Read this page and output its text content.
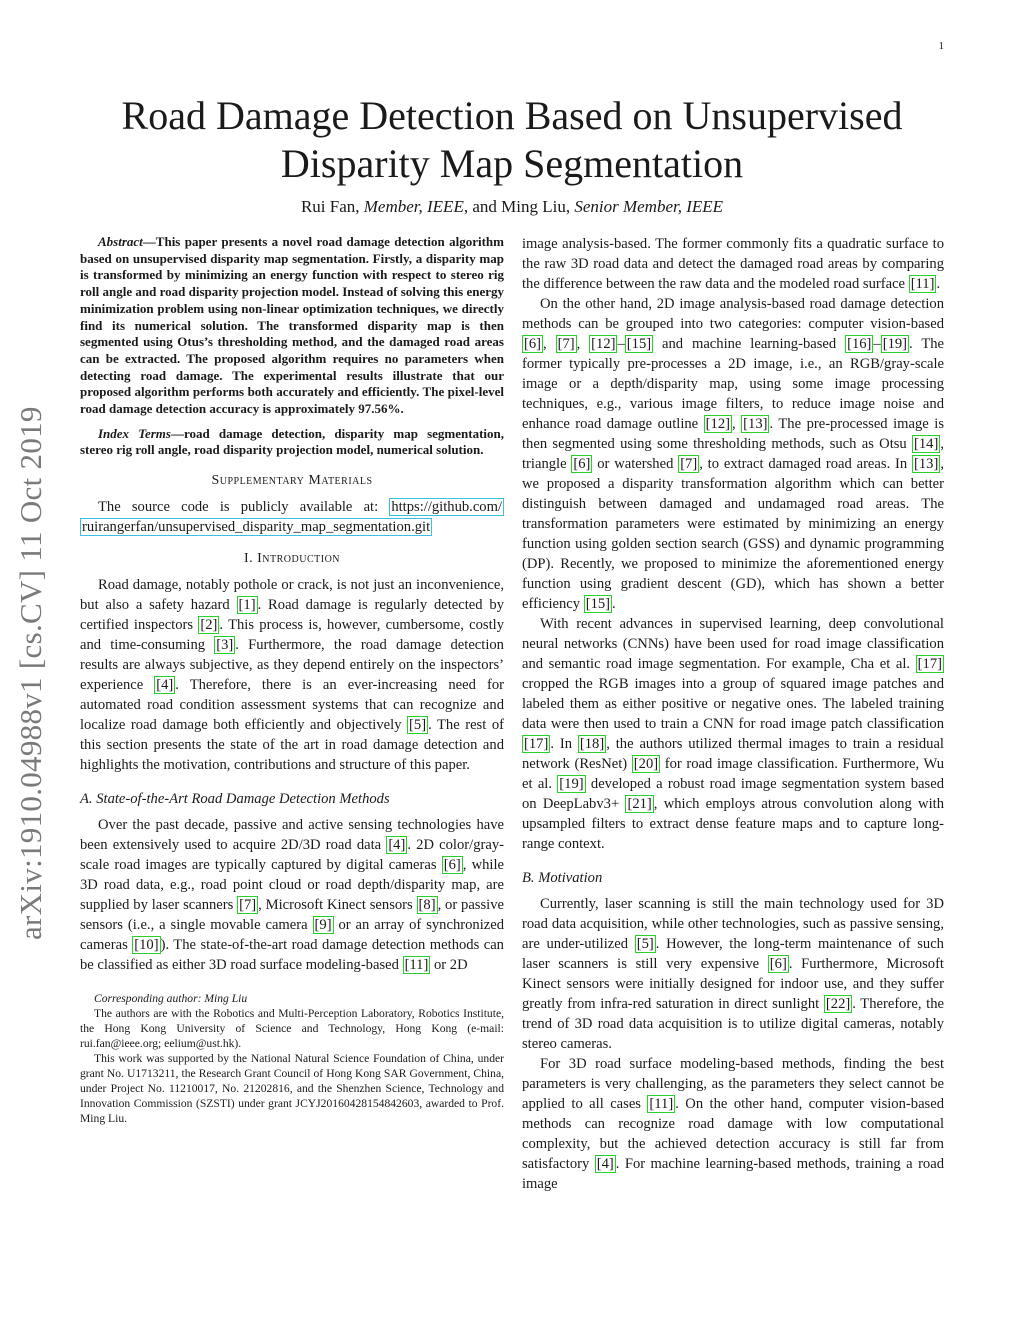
1
arXiv:1910.04988v1 [cs.CV] 11 Oct 2019
Road Damage Detection Based on Unsupervised
Disparity Map Segmentation
Rui Fan, Member, IEEE, and Ming Liu, Senior Member, IEEE

Abstract—This paper presents a novel road damage detection algorithm based on unsupervised disparity map segmentation. Firstly, a disparity map is transformed by minimizing an energy function with respect to stereo rig roll angle and road disparity projection model. Instead of solving this energy minimization problem using non-linear optimization techniques, we directly find its numerical solution. The transformed disparity map is then segmented using Otus’s thresholding method, and the damaged road areas can be extracted. The proposed algorithm requires no parameters when detecting road damage. The experimental results illustrate that our proposed algorithm performs both accurately and efficiently. The pixel-level road damage detection accuracy is approximately 97.56%.

Index Terms—road damage detection, disparity map segmentation, stereo rig roll angle, road disparity projection model, numerical solution.

Supplementary Materials

The source code is publicly available at: https://github.com/ ruirangerfan/unsupervised_disparity_map_segmentation.git

I. Introduction

Road damage, notably pothole or crack, is not just an inconvenience, but also a safety hazard [1] . Road damage is regularly detected by certified inspectors [2] . This process is, however, cumbersome, costly and time-consuming [3] . Furthermore, the road damage detection results are always subjective, as they depend entirely on the inspectors’ experience [4] . Therefore, there is an ever-increasing need for automated road condition assessment systems that can recognize and localize road damage both efficiently and objectively [5] . The rest of this section presents the state of the art in road damage detection and highlights the motivation, contributions and structure of this paper.

A. State-of-the-Art Road Damage Detection Methods

Over the past decade, passive and active sensing technologies have been extensively used to acquire 2D/3D road data [4] . 2D color/gray-scale road images are typically captured by digital cameras [6] , while 3D road data, e.g., road point cloud or road depth/disparity map, are supplied by laser scanners [7] , Microsoft Kinect sensors [8] , or passive sensors (i.e., a single movable camera [9] or an array of synchronized cameras [10] ). The state-of-the-art road damage detection methods can be classified as either 3D road surface modeling-based [11] or 2D

Corresponding author: Ming Liu

The authors are with the Robotics and Multi-Perception Laboratory, Robotics Institute, the Hong Kong University of Science and Technology, Hong Kong (e-mail: rui.fan@ieee.org; eelium@ust.hk).

This work was supported by the National Natural Science Foundation of China, under grant No. U1713211, the Research Grant Council of Hong Kong SAR Government, China, under Project No. 11210017, No. 21202816, and the Shenzhen Science, Technology and Innovation Commission (SZSTI) under grant JCYJ20160428154842603, awarded to Prof. Ming Liu.

image analysis-based. The former commonly fits a quadratic surface to the raw 3D road data and detect the damaged road areas by comparing the difference between the raw data and the modeled road surface [11] .

On the other hand, 2D image analysis-based road damage detection methods can be grouped into two categories: computer vision-based [6] , [7] , [12] – [15] and machine learning-based [16] – [19] . The former typically pre-processes a 2D image, i.e., an RGB/gray-scale image or a depth/disparity map, using some image processing techniques, e.g., various image filters, to reduce image noise and enhance road damage outline [12] , [13] . The pre-processed image is then segmented using some thresholding methods, such as Otsu [14] , triangle [6] or watershed [7] , to extract damaged road areas. In [13] , we proposed a disparity transformation algorithm which can better distinguish between damaged and undamaged road areas. The transformation parameters were estimated by minimizing an energy function using golden section search (GSS) and dynamic programming (DP). Recently, we proposed to minimize the aforementioned energy function using gradient descent (GD), which has shown a better efficiency [15] .

With recent advances in supervised learning, deep convolutional neural networks (CNNs) have been used for road image classification and semantic road image segmentation. For example, Cha et al. [17] cropped the RGB images into a group of squared image patches and labeled them as either positive or negative ones. The labeled training data were then used to train a CNN for road image patch classification [17] . In [18] , the authors utilized thermal images to train a residual network (ResNet) [20] for road image classification. Furthermore, Wu et al. [19] developed a robust road image segmentation system based on DeepLabv3+ [21] , which employs atrous convolution along with upsampled filters to extract dense feature maps and to capture long-range context.

B. Motivation

Currently, laser scanning is still the main technology used for 3D road data acquisition, while other technologies, such as passive sensing, are under-utilized [5] . However, the long-term maintenance of such laser scanners is still very expensive [6] . Furthermore, Microsoft Kinect sensors were initially designed for indoor use, and they suffer greatly from infra-red saturation in direct sunlight [22] . Therefore, the trend of 3D road data acquisition is to utilize digital cameras, notably stereo cameras.

For 3D road surface modeling-based methods, finding the best parameters is very challenging, as the parameters they select cannot be applied to all cases [11] . On the other hand, computer vision-based methods can recognize road damage with low computational complexity, but the achieved detection accuracy is still far from satisfactory [4] . For machine learning-based methods, training a road image
